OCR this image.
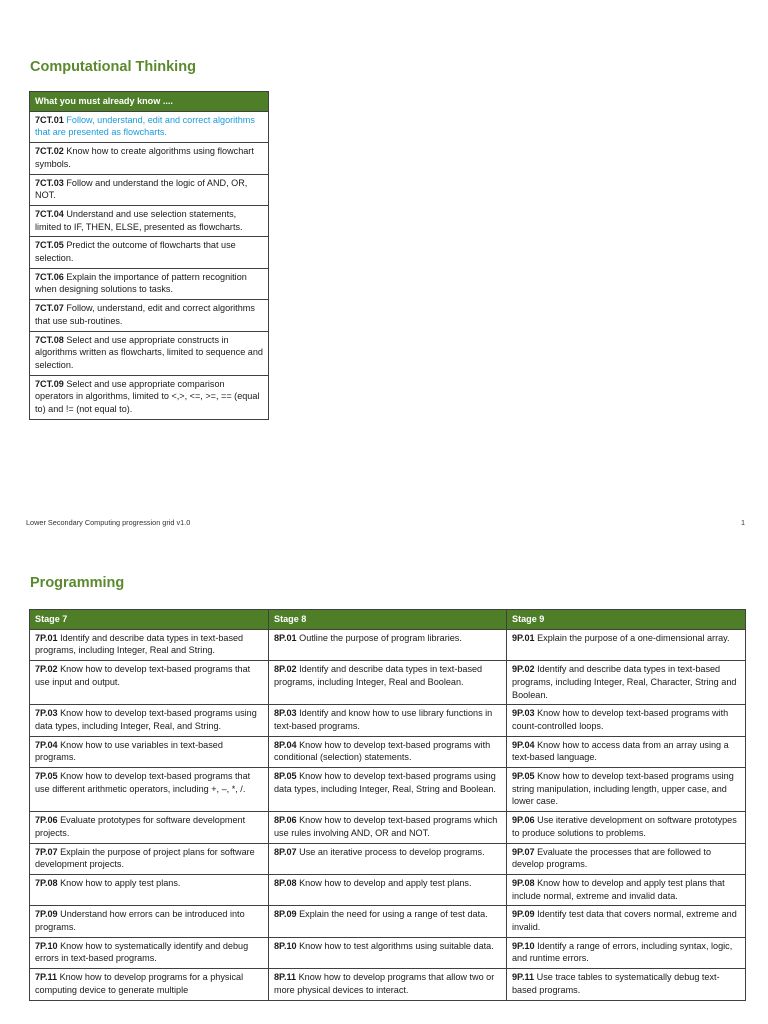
Computational Thinking
What you must already know ....
7CT.01 Follow, understand, edit and correct algorithms that are presented as flowcharts.
7CT.02 Know how to create algorithms using flowchart symbols.
7CT.03 Follow and understand the logic of AND, OR, NOT.
7CT.04 Understand and use selection statements, limited to IF, THEN, ELSE, presented as flowcharts.
7CT.05 Predict the outcome of flowcharts that use selection.
7CT.06 Explain the importance of pattern recognition when designing solutions to tasks.
7CT.07 Follow, understand, edit and correct algorithms that use sub-routines.
7CT.08 Select and use appropriate constructs in algorithms written as flowcharts, limited to sequence and selection.
7CT.09 Select and use appropriate comparison operators in algorithms, limited to <,>, <=, >=, == (equal to) and != (not equal to).
Lower Secondary Computing progression grid v1.0	1
Programming
Stage 7	Stage 8	Stage 9
7P.01 Identify and describe data types in text-based programs, including Integer, Real and String.	8P.01 Outline the purpose of program libraries.	9P.01 Explain the purpose of a one-dimensional array.
7P.02 Know how to develop text-based programs that use input and output.	8P.02 Identify and describe data types in text-based programs, including Integer, Real and Boolean.	9P.02 Identify and describe data types in text-based programs, including Integer, Real, Character, String and Boolean.
7P.03 Know how to develop text-based programs using data types, including Integer, Real, and String.	8P.03 Identify and know how to use library functions in text-based programs.	9P.03 Know how to develop text-based programs with count-controlled loops.
7P.04 Know how to use variables in text-based programs.	8P.04 Know how to develop text-based programs with conditional (selection) statements.	9P.04 Know how to access data from an array using a text-based language.
7P.05 Know how to develop text-based programs that use different arithmetic operators, including +, –, *, /.	8P.05 Know how to develop text-based programs using data types, including Integer, Real, String and Boolean.	9P.05 Know how to develop text-based programs using string manipulation, including length, upper case, and lower case.
7P.06 Evaluate prototypes for software development projects.	8P.06 Know how to develop text-based programs which use rules involving AND, OR and NOT.	9P.06 Use iterative development on software prototypes to produce solutions to problems.
7P.07 Explain the purpose of project plans for software development projects.	8P.07 Use an iterative process to develop programs.	9P.07 Evaluate the processes that are followed to develop programs.
7P.08 Know how to apply test plans.	8P.08 Know how to develop and apply test plans.	9P.08 Know how to develop and apply test plans that include normal, extreme and invalid data.
7P.09 Understand how errors can be introduced into programs.	8P.09 Explain the need for using a range of test data.	9P.09 Identify test data that covers normal, extreme and invalid.
7P.10 Know how to systematically identify and debug errors in text-based programs.	8P.10 Know how to test algorithms using suitable data.	9P.10 Identify a range of errors, including syntax, logic, and runtime errors.
7P.11 Know how to develop programs for a physical computing device to generate multiple	8P.11 Know how to develop programs that allow two or more physical devices to interact.	9P.11 Use trace tables to systematically debug text-based programs.
